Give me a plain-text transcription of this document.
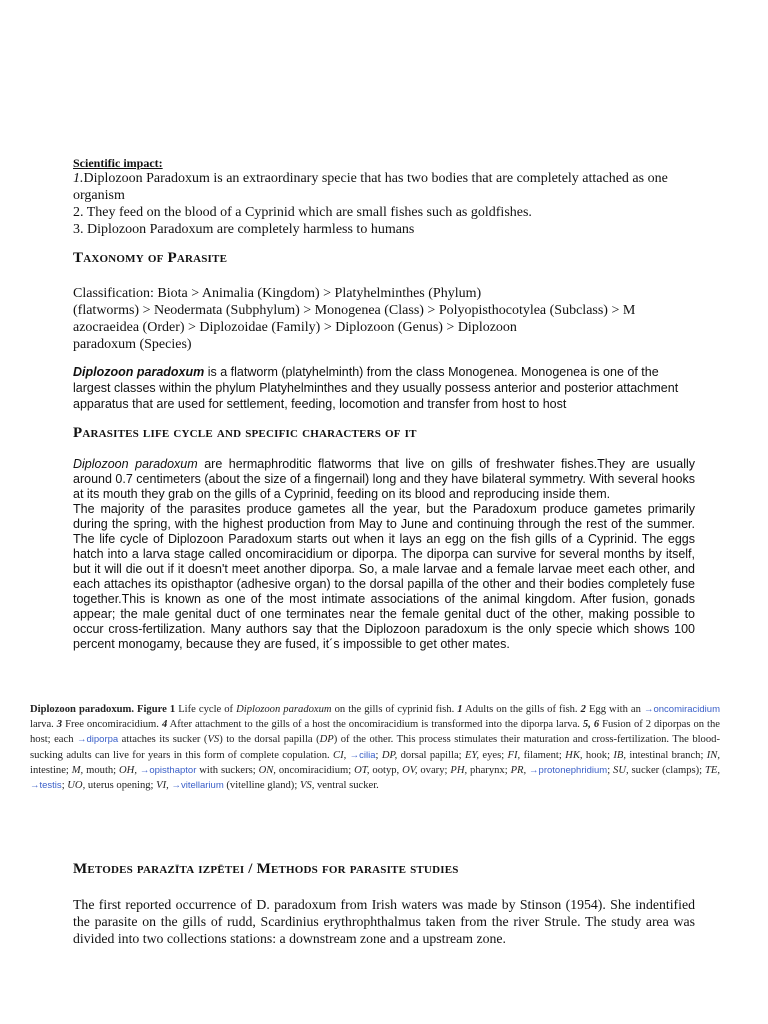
Scientific impact:

1.Diplozoon Paradoxum is an extraordinary specie that has two bodies that are completely attached as one organism

2. They feed on the blood of a Cyprinid which are small fishes such as goldfishes.

3. Diplozoon Paradoxum are completely harmless to humans

Taxonomy of Parasite

Classification: Biota > Animalia (Kingdom) > Platyhelminthes (Phylum)

(flatworms) > Neodermata (Subphylum) > Monogenea (Class) > Polyopisthocotylea (Subclass) > M

azocraeidea (Order) > Diplozoidae (Family) > Diplozoon (Genus) > Diplozoon

paradoxum (Species)

Diplozoon paradoxum is a flatworm (platyhelminth) from the class Monogenea. Monogenea is one of the largest classes within the phylum Platyhelminthes and they usually possess anterior and posterior attachment apparatus that are used for settlement, feeding, locomotion and transfer from host to host
Parasites life cycle and specific characters of it

Diplozoon paradoxum are hermaphroditic flatworms that live on gills of freshwater fishes.They are usually around 0.7 centimeters (about the size of a fingernail) long and they have bilateral symmetry. With several hooks at its mouth they grab on the gills of a Cyprinid, feeding on its blood and reproducing inside them.

The majority of the parasites produce gametes all the year, but the Paradoxum produce gametes primarily during the spring, with the highest production from May to June and continuing through the rest of the summer. The life cycle of Diplozoon Paradoxum starts out when it lays an egg on the fish gills of a Cyprinid. The eggs hatch into a larva stage called oncomiracidium or diporpa. The diporpa can survive for several months by itself, but it will die out if it doesn't meet another diporpa. So, a male larvae and a female larvae meet each other, and each attaches its opisthaptor (adhesive organ) to the dorsal papilla of the other and their bodies completely fuse together.This is known as one of the most intimate associations of the animal kingdom. After fusion, gonads appear; the male genital duct of one terminates near the female genital duct of the other, making possible to occur cross-fertilization. Many authors say that the Diplozoon paradoxum is the only specie which shows 100 percent monogamy, because they are fused, it´s impossible to get other mates.

Diplozoon paradoxum. Figure 1 Life cycle of Diplozoon paradoxum on the gills of cyprinid fish. 1 Adults on the gills of fish. 2 Egg with an →oncomiracidium larva. 3 Free oncomiracidium. 4 After attachment to the gills of a host the oncomiracidium is transformed into the diporpa larva. 5, 6 Fusion of 2 diporpas on the host; each →diporpa attaches its sucker (VS) to the dorsal papilla (DP) of the other. This process stimulates their maturation and cross-fertilization. The blood-sucking adults can live for years in this form of complete copulation. CI, →cilia; DP, dorsal papilla; EY, eyes; FI, filament; HK, hook; IB, intestinal branch; IN, intestine; M, mouth; OH, →opisthaptor with suckers; ON, oncomiracidium; OT, ootyp, OV, ovary; PH, pharynx; PR, →protonephridium; SU, sucker (clamps); TE, →testis; UO, uterus opening; VI, →vitellarium (vitelline gland); VS, ventral sucker.
Metodes parazīta izpētei / Methods for parasite studies
The first reported occurrence of D. paradoxum from Irish waters was made by Stinson (1954). She indentified the parasite on the gills of rudd, Scardinius erythrophthalmus taken from the river Strule. The study area was divided into two collections stations: a downstream zone and a upstream zone.
